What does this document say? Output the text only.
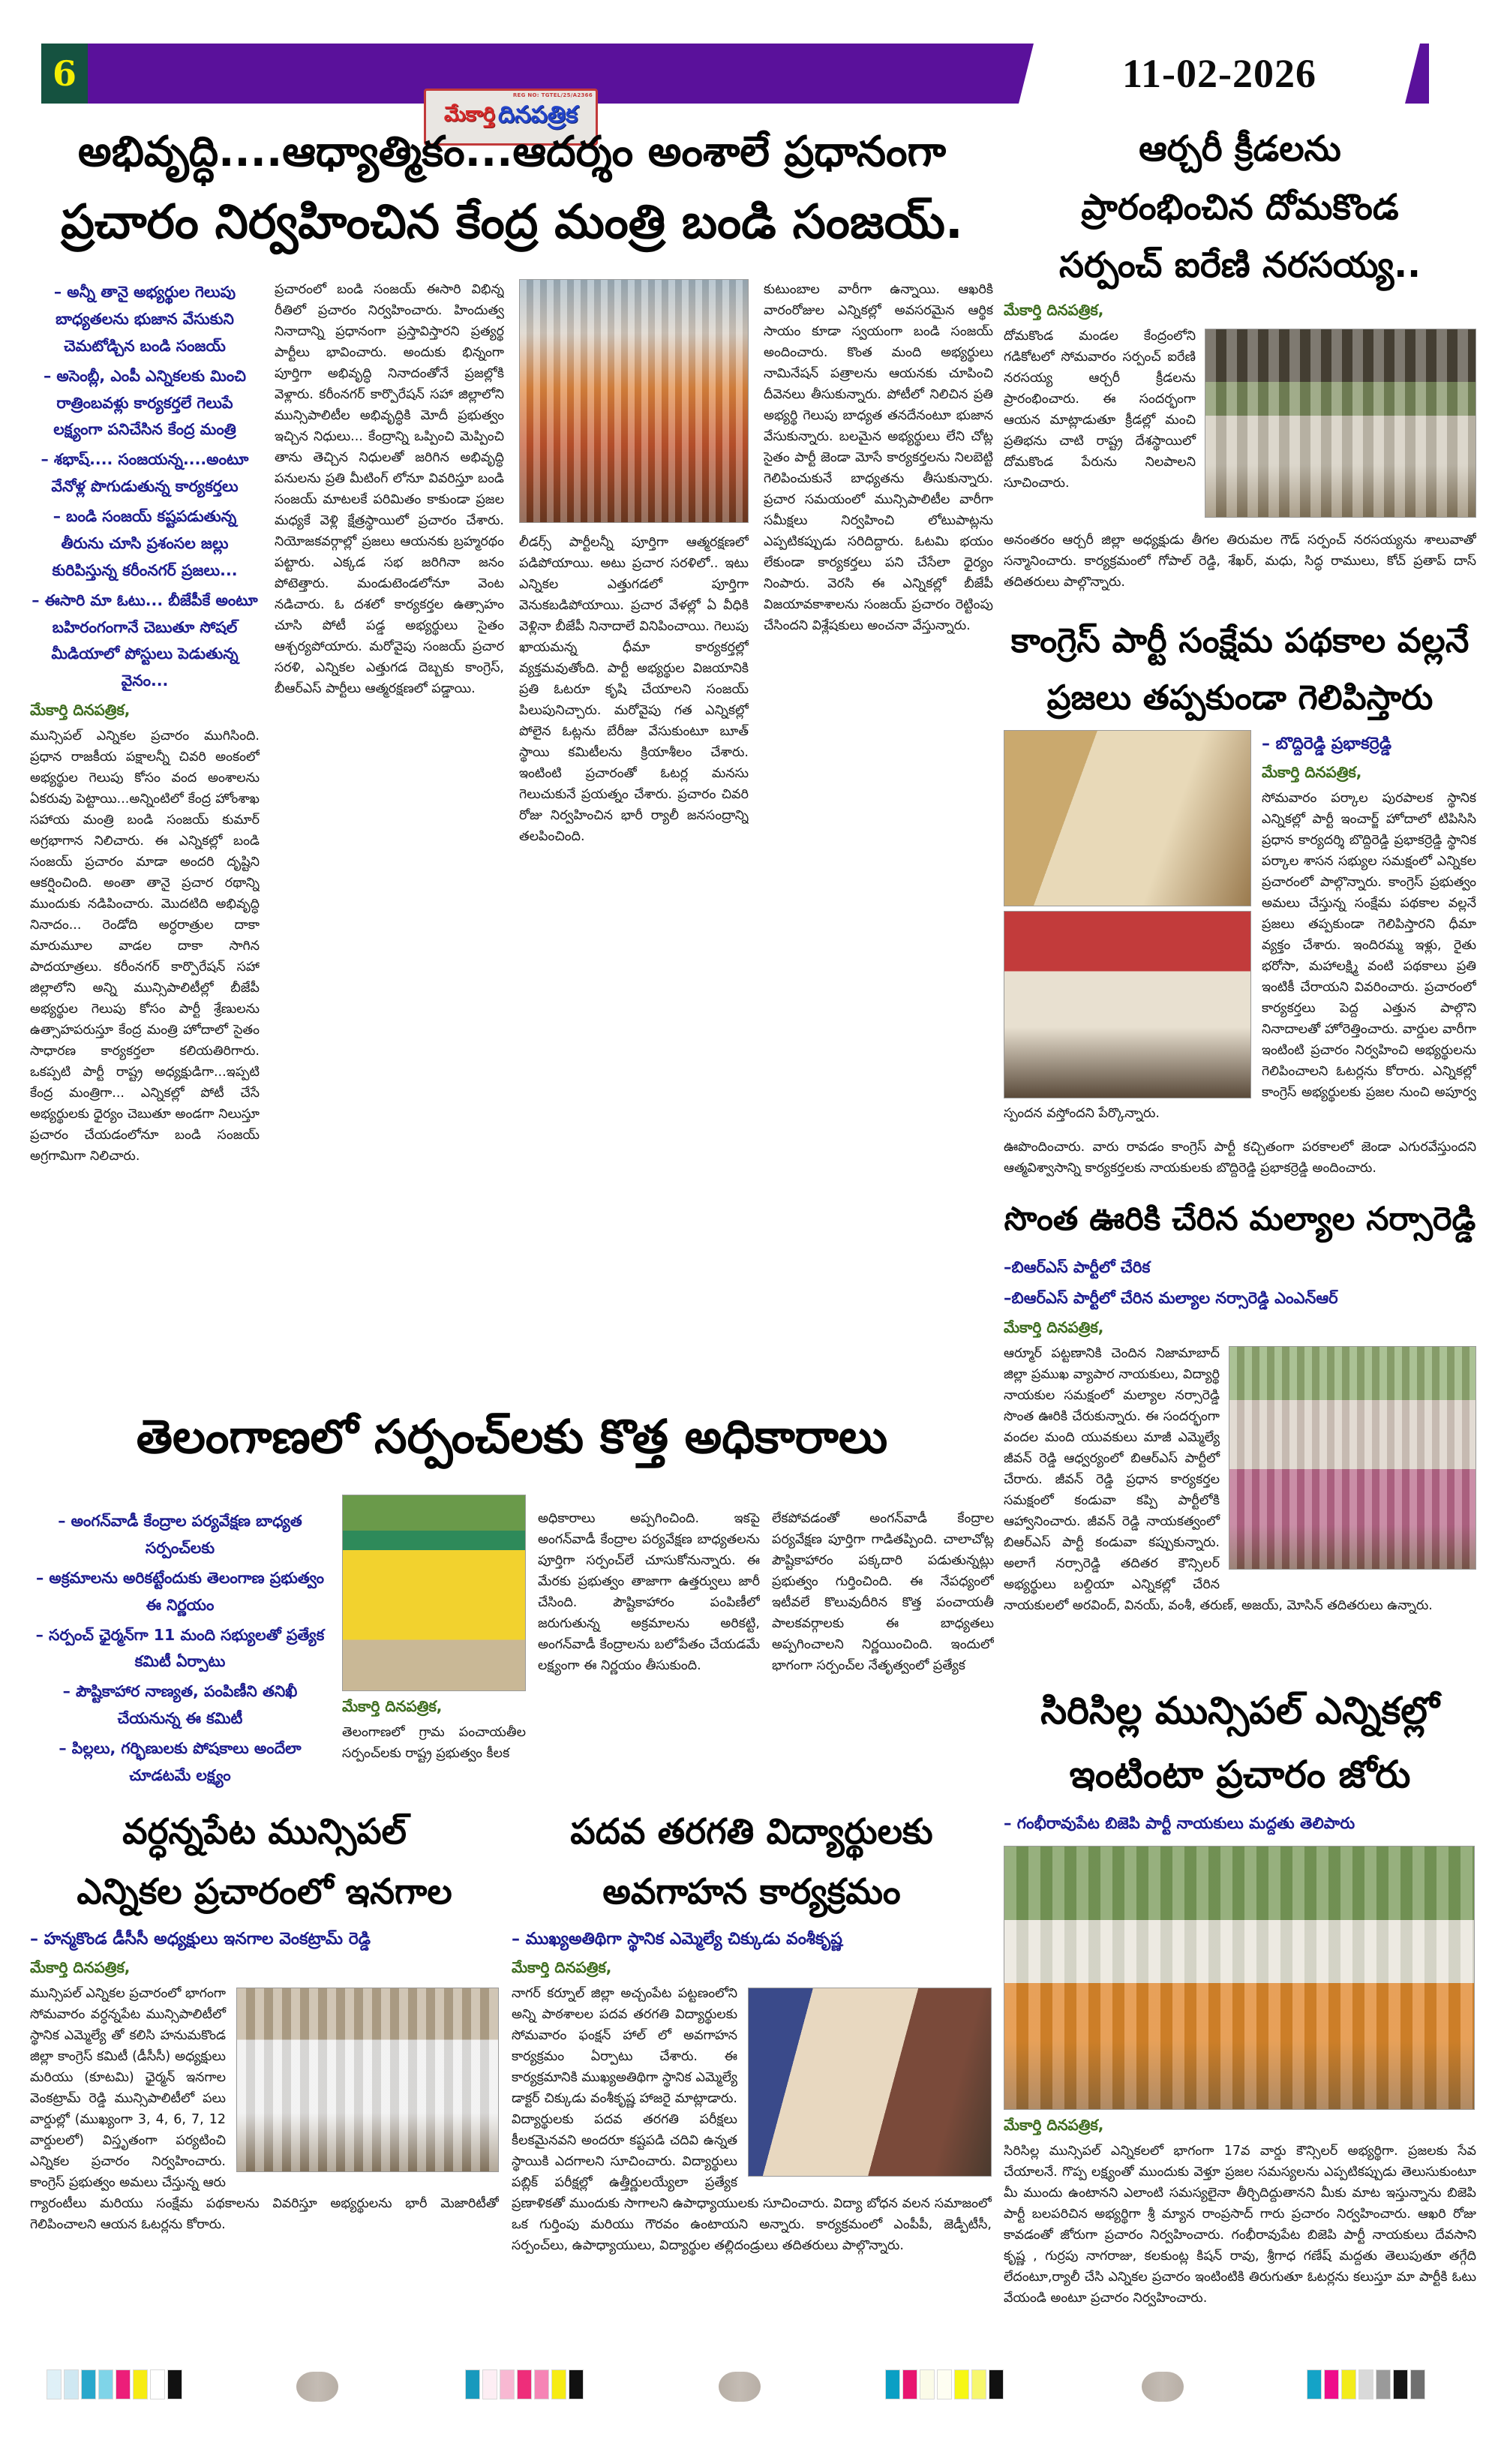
6
REG NO: TGTEL/25/A2366
మేకార్తి దినపత్రిక
11-02-2026
అభివృద్ధి....ఆధ్యాత్మికం...ఆదర్శం అంశాలే ప్రధానంగా
ప్రచారం నిర్వహించిన కేంద్ర మంత్రి బండి సంజయ్.
– అన్నీ తానై అభ్యర్థుల గెలుపు బాధ్యతలను భుజాన వేసుకుని చెమటోడ్చిన బండి సంజయ్
– అసెంబ్లీ, ఎంపీ ఎన్నికలకు మించి రాత్రింబవళ్లు కార్యకర్తలే గెలుపే లక్ష్యంగా పనిచేసిన కేంద్ర మంత్రి
– శభాష్.... సంజయన్న....అంటూ వేనోళ్ల పొగుడుతున్న కార్యకర్తలు
– బండి సంజయ్ కష్టపడుతున్న తీరును చూసి ప్రశంసల జల్లు కురిపిస్తున్న కరీంనగర్ ప్రజలు...
– ఈసారి మా ఓటు... బీజేపీకే అంటూ బహిరంగంగానే చెబుతూ సోషల్ మీడియాలో పోస్టులు పెడుతున్న వైనం...
మేకార్తి దినపత్రిక,
మున్సిపల్ ఎన్నికల ప్రచారం ముగిసింది. ప్రధాన రాజకీయ పక్షాలన్నీ చివరి అంకంలో అభ్యర్థుల గెలుపు కోసం వంద అంశాలను ఏకరువు పెట్టాయి...అన్నింటిలో కేంద్ర హోంశాఖ సహాయ మంత్రి బండి సంజయ్ కుమార్ అగ్రభాగాన నిలిచారు. ఈ ఎన్నికల్లో బండి సంజయ్ ప్రచారం మాడా అందరి దృష్టిని ఆకర్షించింది. అంతా తానై ప్రచార రథాన్ని ముందుకు నడిపించారు. మొదటిది అభివృద్ధి నినాదం... రెండోది అర్ధరాత్రుల దాకా మారుమూల వాడల దాకా సాగిన పాదయాత్రలు. కరీంనగర్ కార్పొరేషన్ సహా జిల్లాలోని అన్ని మున్సిపాలిటీల్లో బీజేపీ అభ్యర్థుల గెలుపు కోసం పార్టీ శ్రేణులను ఉత్సాహపరుస్తూ కేంద్ర మంత్రి హోదాలో సైతం సాధారణ కార్యకర్తలా కలియతిరిగారు. ఒకప్పటి పార్టీ రాష్ట్ర అధ్యక్షుడిగా...ఇప్పటి కేంద్ర మంత్రిగా... ఎన్నికల్లో పోటీ చేసే అభ్యర్థులకు ధైర్యం చెబుతూ అండగా నిలుస్తూ ప్రచారం చేయడంలోనూ బండి సంజయ్ అగ్రగామిగా నిలిచారు.
ప్రచారంలో బండి సంజయ్ ఈసారి విభిన్న రీతిలో ప్రచారం నిర్వహించారు. హిందుత్వ నినాదాన్ని ప్రధానంగా ప్రస్తావిస్తారని ప్రత్యర్థ పార్టీలు భావించారు. అందుకు భిన్నంగా పూర్తిగా అభివృద్ధి నినాదంతోనే ప్రజల్లోకి వెళ్లారు. కరీంనగర్ కార్పొరేషన్ సహా జిల్లాలోని మున్సిపాలిటీల అభివృద్ధికి మోదీ ప్రభుత్వం ఇచ్చిన నిధులు... కేంద్రాన్ని ఒప్పించి మెప్పించి తాను తెచ్చిన నిధులతో జరిగిన అభివృద్ధి పనులను ప్రతి మీటింగ్ లోనూ వివరిస్తూ బండి సంజయ్ మాటలకే పరిమితం కాకుండా ప్రజల మధ్యకే వెళ్లి క్షేత్రస్థాయిలో ప్రచారం చేశారు. నియోజకవర్గాల్లో ప్రజలు ఆయనకు బ్రహ్మరథం పట్టారు. ఎక్కడ సభ జరిగినా జనం పోటెత్తారు. మండుటెండలోనూ వెంట నడిచారు. ఓ దశలో కార్యకర్తల ఉత్సాహం చూసి పోటీ పడ్డ అభ్యర్థులు సైతం ఆశ్చర్యపోయారు. మరోవైపు సంజయ్ ప్రచార సరళి, ఎన్నికల ఎత్తుగడ దెబ్బకు కాంగ్రెస్, బీఆర్ఎస్ పార్టీలు ఆత్మరక్షణలో పడ్డాయి.
లీడర్స్ పార్టీలన్నీ పూర్తిగా ఆత్మరక్షణలో పడిపోయాయి. అటు ప్రచార సరళిలో.. ఇటు ఎన్నికల ఎత్తుగడలో పూర్తిగా వెనుకబడిపోయాయి. ప్రచార వేళల్లో ఏ వీధికి వెళ్లినా బీజేపీ నినాదాలే వినిపించాయి. గెలుపు ఖాయమన్న ధీమా కార్యకర్తల్లో వ్యక్తమవుతోంది. పార్టీ అభ్యర్థుల విజయానికి ప్రతి ఓటరూ కృషి చేయాలని సంజయ్ పిలుపునిచ్చారు. మరోవైపు గత ఎన్నికల్లో పోలైన ఓట్లను బేరీజు వేసుకుంటూ బూత్ స్థాయి కమిటీలను క్రియాశీలం చేశారు. ఇంటింటి ప్రచారంతో ఓటర్ల మనసు గెలుచుకునే ప్రయత్నం చేశారు. ప్రచారం చివరి రోజు నిర్వహించిన భారీ ర్యాలీ జనసంద్రాన్ని తలపించింది.
కుటుంబాల వారీగా ఉన్నాయి. ఆఖరికి వారంరోజుల ఎన్నికల్లో అవసరమైన ఆర్థిక సాయం కూడా స్వయంగా బండి సంజయ్ అందించారు. కొంత మంది అభ్యర్థులు నామినేషన్ పత్రాలను ఆయనకు చూపించి దీవెనలు తీసుకున్నారు. పోటీలో నిలిచిన ప్రతి అభ్యర్థి గెలుపు బాధ్యత తనదేనంటూ భుజాన వేసుకున్నారు. బలమైన అభ్యర్థులు లేని చోట్ల సైతం పార్టీ జెండా మోసే కార్యకర్తలను నిలబెట్టి గెలిపించుకునే బాధ్యతను తీసుకున్నారు. ప్రచార సమయంలో మున్సిపాలిటీల వారీగా సమీక్షలు నిర్వహించి లోటుపాట్లను ఎప్పటికప్పుడు సరిదిద్దారు. ఓటమి భయం లేకుండా కార్యకర్తలు పని చేసేలా ధైర్యం నింపారు. వెరసి ఈ ఎన్నికల్లో బీజేపీ విజయావకాశాలను సంజయ్ ప్రచారం రెట్టింపు చేసిందని విశ్లేషకులు అంచనా వేస్తున్నారు.
తెలంగాణలో సర్పంచ్‌లకు కొత్త అధికారాలు
– అంగన్‌వాడీ కేంద్రాల పర్యవేక్షణ బాధ్యత సర్పంచ్‌లకు
– అక్రమాలను అరికట్టేందుకు తెలంగాణ ప్రభుత్వం ఈ నిర్ణయం
– సర్పంచ్ ఛైర్మన్‌గా 11 మంది సభ్యులతో ప్రత్యేక కమిటీ ఏర్పాటు
– పౌష్టికాహార నాణ్యత, పంపిణీని తనిఖీ చేయనున్న ఈ కమిటీ
– పిల్లలు, గర్భిణులకు పోషకాలు అందేలా చూడటమే లక్ష్యం
మేకార్తి దినపత్రిక,
తెలంగాణలో గ్రామ పంచాయతీల సర్పంచ్‌లకు రాష్ట్ర ప్రభుత్వం కీలక
అధికారాలు అప్పగించింది. ఇకపై అంగన్‌వాడీ కేంద్రాల పర్యవేక్షణ బాధ్యతలను పూర్తిగా సర్పంచ్‌లే చూసుకోనున్నారు. ఈ మేరకు ప్రభుత్వం తాజాగా ఉత్తర్వులు జారీ చేసింది. పౌష్టికాహారం పంపిణీలో జరుగుతున్న అక్రమాలను అరికట్టి, అంగన్‌వాడీ కేంద్రాలను బలోపేతం చేయడమే లక్ష్యంగా ఈ నిర్ణయం తీసుకుంది.
లేకపోవడంతో అంగన్‌వాడీ కేంద్రాల పర్యవేక్షణ పూర్తిగా గాడితప్పింది. చాలాచోట్ల పౌష్టికాహారం పక్కదారి పడుతున్నట్లు ప్రభుత్వం గుర్తించింది. ఈ నేపధ్యంలో ఇటీవలే కొలువుదీరిన కొత్త పంచాయతీ పాలకవర్గాలకు ఈ బాధ్యతలు అప్పగించాలని నిర్ణయించింది. ఇందులో భాగంగా సర్పంచ్‌ల నేతృత్వంలో ప్రత్యేక
వర్ధన్నపేట మున్సిపల్
ఎన్నికల ప్రచారంలో ఇనగాల
– హన్మకొండ డీసీసీ అధ్యక్షులు ఇనగాల వెంకట్రామ్ రెడ్డి
మేకార్తి దినపత్రిక,
మున్సిపల్ ఎన్నికల ప్రచారంలో భాగంగా సోమవారం వర్ధన్నపేట మున్సిపాలిటీలో స్థానిక ఎమ్మెల్యే తో కలిసి హనుమకొండ జిల్లా కాంగ్రెస్ కమిటీ (డీసీసీ) అధ్యక్షులు మరియు (కూటమి) ఛైర్మన్ ఇనగాల వెంకట్రామ్ రెడ్డి మున్సిపాలిటీలో పలు వార్డుల్లో (ముఖ్యంగా 3, 4, 6, 7, 12 వార్డులలో) విస్తృతంగా పర్యటించి ఎన్నికల ప్రచారం నిర్వహించారు. కాంగ్రెస్ ప్రభుత్వం అమలు చేస్తున్న ఆరు గ్యారంటీలు మరియు సంక్షేమ పథకాలను వివరిస్తూ అభ్యర్థులను భారీ మెజారిటీతో గెలిపించాలని ఆయన ఓటర్లను కోరారు.
పదవ తరగతి విద్యార్థులకు
అవగాహన కార్యక్రమం
– ముఖ్యఅతిథిగా స్థానిక ఎమ్మెల్యే చిక్కుడు వంశీకృష్ణ
మేకార్తి దినపత్రిక,
నాగర్ కర్నూల్ జిల్లా అచ్చంపేట పట్టణంలోని అన్ని పాఠశాలల పదవ తరగతి విద్యార్థులకు సోమవారం ఫంక్షన్ హాల్ లో అవగాహన కార్యక్రమం ఏర్పాటు చేశారు. ఈ కార్యక్రమానికి ముఖ్యఅతిథిగా స్థానిక ఎమ్మెల్యే డాక్టర్ చిక్కుడు వంశీకృష్ణ హాజరై మాట్లాడారు. విద్యార్థులకు పదవ తరగతి పరీక్షలు కీలకమైనవని అందరూ కష్టపడి చదివి ఉన్నత స్థాయికి ఎదగాలని సూచించారు. విద్యార్థులు పబ్లిక్ పరీక్షల్లో ఉత్తీర్ణులయ్యేలా ప్రత్యేక ప్రణాళికతో ముందుకు సాగాలని ఉపాధ్యాయులకు సూచించారు. విద్యా బోధన వలన సమాజంలో ఒక గుర్తింపు మరియు గౌరవం ఉంటాయని అన్నారు. కార్యక్రమంలో ఎంపీపీ, జెడ్పీటీసీ, సర్పంచ్‌లు, ఉపాధ్యాయులు, విద్యార్థుల తల్లిదండ్రులు తదితరులు పాల్గొన్నారు.
ఆర్చరీ క్రీడలను
ప్రారంభించిన దోమకొండ
సర్పంచ్ ఐరేణి నరసయ్య..
మేకార్తి దినపత్రిక,
దోమకొండ మండల కేంద్రంలోని గడికోటలో సోమవారం సర్పంచ్ ఐరేణి నరసయ్య ఆర్చరీ క్రీడలను ప్రారంభించారు. ఈ సందర్భంగా ఆయన మాట్లాడుతూ క్రీడల్లో మంచి ప్రతిభను చాటి రాష్ట్ర దేశస్థాయిలో దోమకొండ పేరును నిలపాలని సూచించారు.
అనంతరం ఆర్చరీ జిల్లా అధ్యక్షుడు తీగల తిరుమల గౌడ్ సర్పంచ్ నరసయ్యను శాలువాతో సన్మానించారు. కార్యక్రమంలో గోపాల్ రెడ్డి, శేఖర్, మధు, సిద్ధ రాములు, కోచ్ ప్రతాప్ దాస్ తదితరులు పాల్గొన్నారు.
కాంగ్రెస్ పార్టీ సంక్షేమ పథకాల వల్లనే
ప్రజలు తప్పకుండా గెలిపిస్తారు
– బొద్దిరెడ్డి ప్రభాకర్రెడ్డి
మేకార్తి దినపత్రిక,
సోమవారం పర్కాల పురపాలక స్థానిక ఎన్నికల్లో పార్టీ ఇంచార్జ్ హోదాలో టిపిసిసి ప్రధాన కార్యదర్శి బొద్దిరెడ్డి ప్రభాకర్రెడ్డి స్థానిక పర్కాల శాసన సభ్యుల సమక్షంలో ఎన్నికల ప్రచారంలో పాల్గొన్నారు. కాంగ్రెస్ ప్రభుత్వం అమలు చేస్తున్న సంక్షేమ పథకాల వల్లనే ప్రజలు తప్పకుండా గెలిపిస్తారని ధీమా వ్యక్తం చేశారు. ఇందిరమ్మ ఇళ్లు, రైతు భరోసా, మహాలక్ష్మి వంటి పథకాలు ప్రతి ఇంటికీ చేరాయని వివరించారు. ప్రచారంలో కార్యకర్తలు పెద్ద ఎత్తున పాల్గొని నినాదాలతో హోరెత్తించారు. వార్డుల వారీగా ఇంటింటి ప్రచారం నిర్వహించి అభ్యర్థులను గెలిపించాలని ఓటర్లను కోరారు. ఎన్నికల్లో కాంగ్రెస్ అభ్యర్థులకు ప్రజల నుంచి అపూర్వ స్పందన వస్తోందని పేర్కొన్నారు.
ఊపొందించారు. వారు రావడం కాంగ్రెస్ పార్టీ కచ్చితంగా పరకాలలో జెండా ఎగురవేస్తుందని ఆత్మవిశ్వాసాన్ని కార్యకర్తలకు నాయకులకు బొద్దిరెడ్డి ప్రభాకర్రెడ్డి అందించారు.
సొంత ఊరికి చేరిన మల్యాల నర్సారెడ్డి
–బిఆర్ఎస్ పార్టీలో చేరిక
–బిఆర్ఎస్ పార్టీలో చేరిన మల్యాల నర్సారెడ్డి ఎంఎన్ఆర్
మేకార్తి దినపత్రిక,
ఆర్మూర్ పట్టణానికి చెందిన నిజామాబాద్ జిల్లా ప్రముఖ వ్యాపార నాయకులు, విద్యార్థి నాయకుల సమక్షంలో మల్యాల నర్సారెడ్డి సొంత ఊరికి చేరుకున్నారు. ఈ సందర్భంగా వందల మంది యువకులు మాజీ ఎమ్మెల్యే జీవన్ రెడ్డి ఆధ్వర్యంలో బిఆర్ఎస్ పార్టీలో చేరారు. జీవన్ రెడ్డి ప్రధాన కార్యకర్తల సమక్షంలో కండువా కప్పి పార్టీలోకి ఆహ్వానించారు. జీవన్ రెడ్డి నాయకత్వంలో బిఆర్ఎస్ పార్టీ కండువా కప్పుకున్నారు. అలాగే నర్సారెడ్డి తదితర కౌన్సిలర్ అభ్యర్థులు బల్దియా ఎన్నికల్లో చేరిన నాయకులలో అరవింద్, వినయ్, వంశీ, తరుణ్, అజయ్, మోసిన్ తదితరులు ఉన్నారు.
సిరిసిల్ల మున్సిపల్ ఎన్నికల్లో
ఇంటింటా ప్రచారం జోరు
– గంభీరావుపేట బిజెపి పార్టీ నాయకులు మద్దతు తెలిపారు
మేకార్తి దినపత్రిక,
సిరిసిల్ల మున్సిపల్ ఎన్నికలలో భాగంగా 17వ వార్డు కౌన్సిలర్ అభ్యర్థిగా. ప్రజలకు సేవ చేయాలనే. గొప్ప లక్ష్యంతో ముందుకు వెళ్తూ ప్రజల సమస్యలను ఎప్పటికప్పుడు తెలుసుకుంటూ మీ ముందు ఉంటానని ఎలాంటి సమస్యలైనా తీర్చిదిద్దుతానని మీకు మాట ఇస్తున్నాను బిజెపి పార్టీ బలపరిచిన అభ్యర్థిగా శ్రీ మ్యాన రాంప్రసాద్ గారు ప్రచారం నిర్వహించారు. ఆఖరి రోజు కావడంతో జోరుగా ప్రచారం నిర్వహించారు. గంభీరావుపేట బిజెపి పార్టీ నాయకులు దేవసాని కృష్ణ , గుర్రపు నాగరాజు, కలకుంట్ల కిషన్ రావు, శ్రీగాధ గణేష్ మద్దతు తెలుపుతూ తగ్గేది లేదంటూ,ర్యాలీ చేసి ఎన్నికల ప్రచారం ఇంటింటికి తిరుగుతూ ఓటర్లను కలుస్తూ మా పార్టీకి ఓటు వేయండి అంటూ ప్రచారం నిర్వహించారు.
